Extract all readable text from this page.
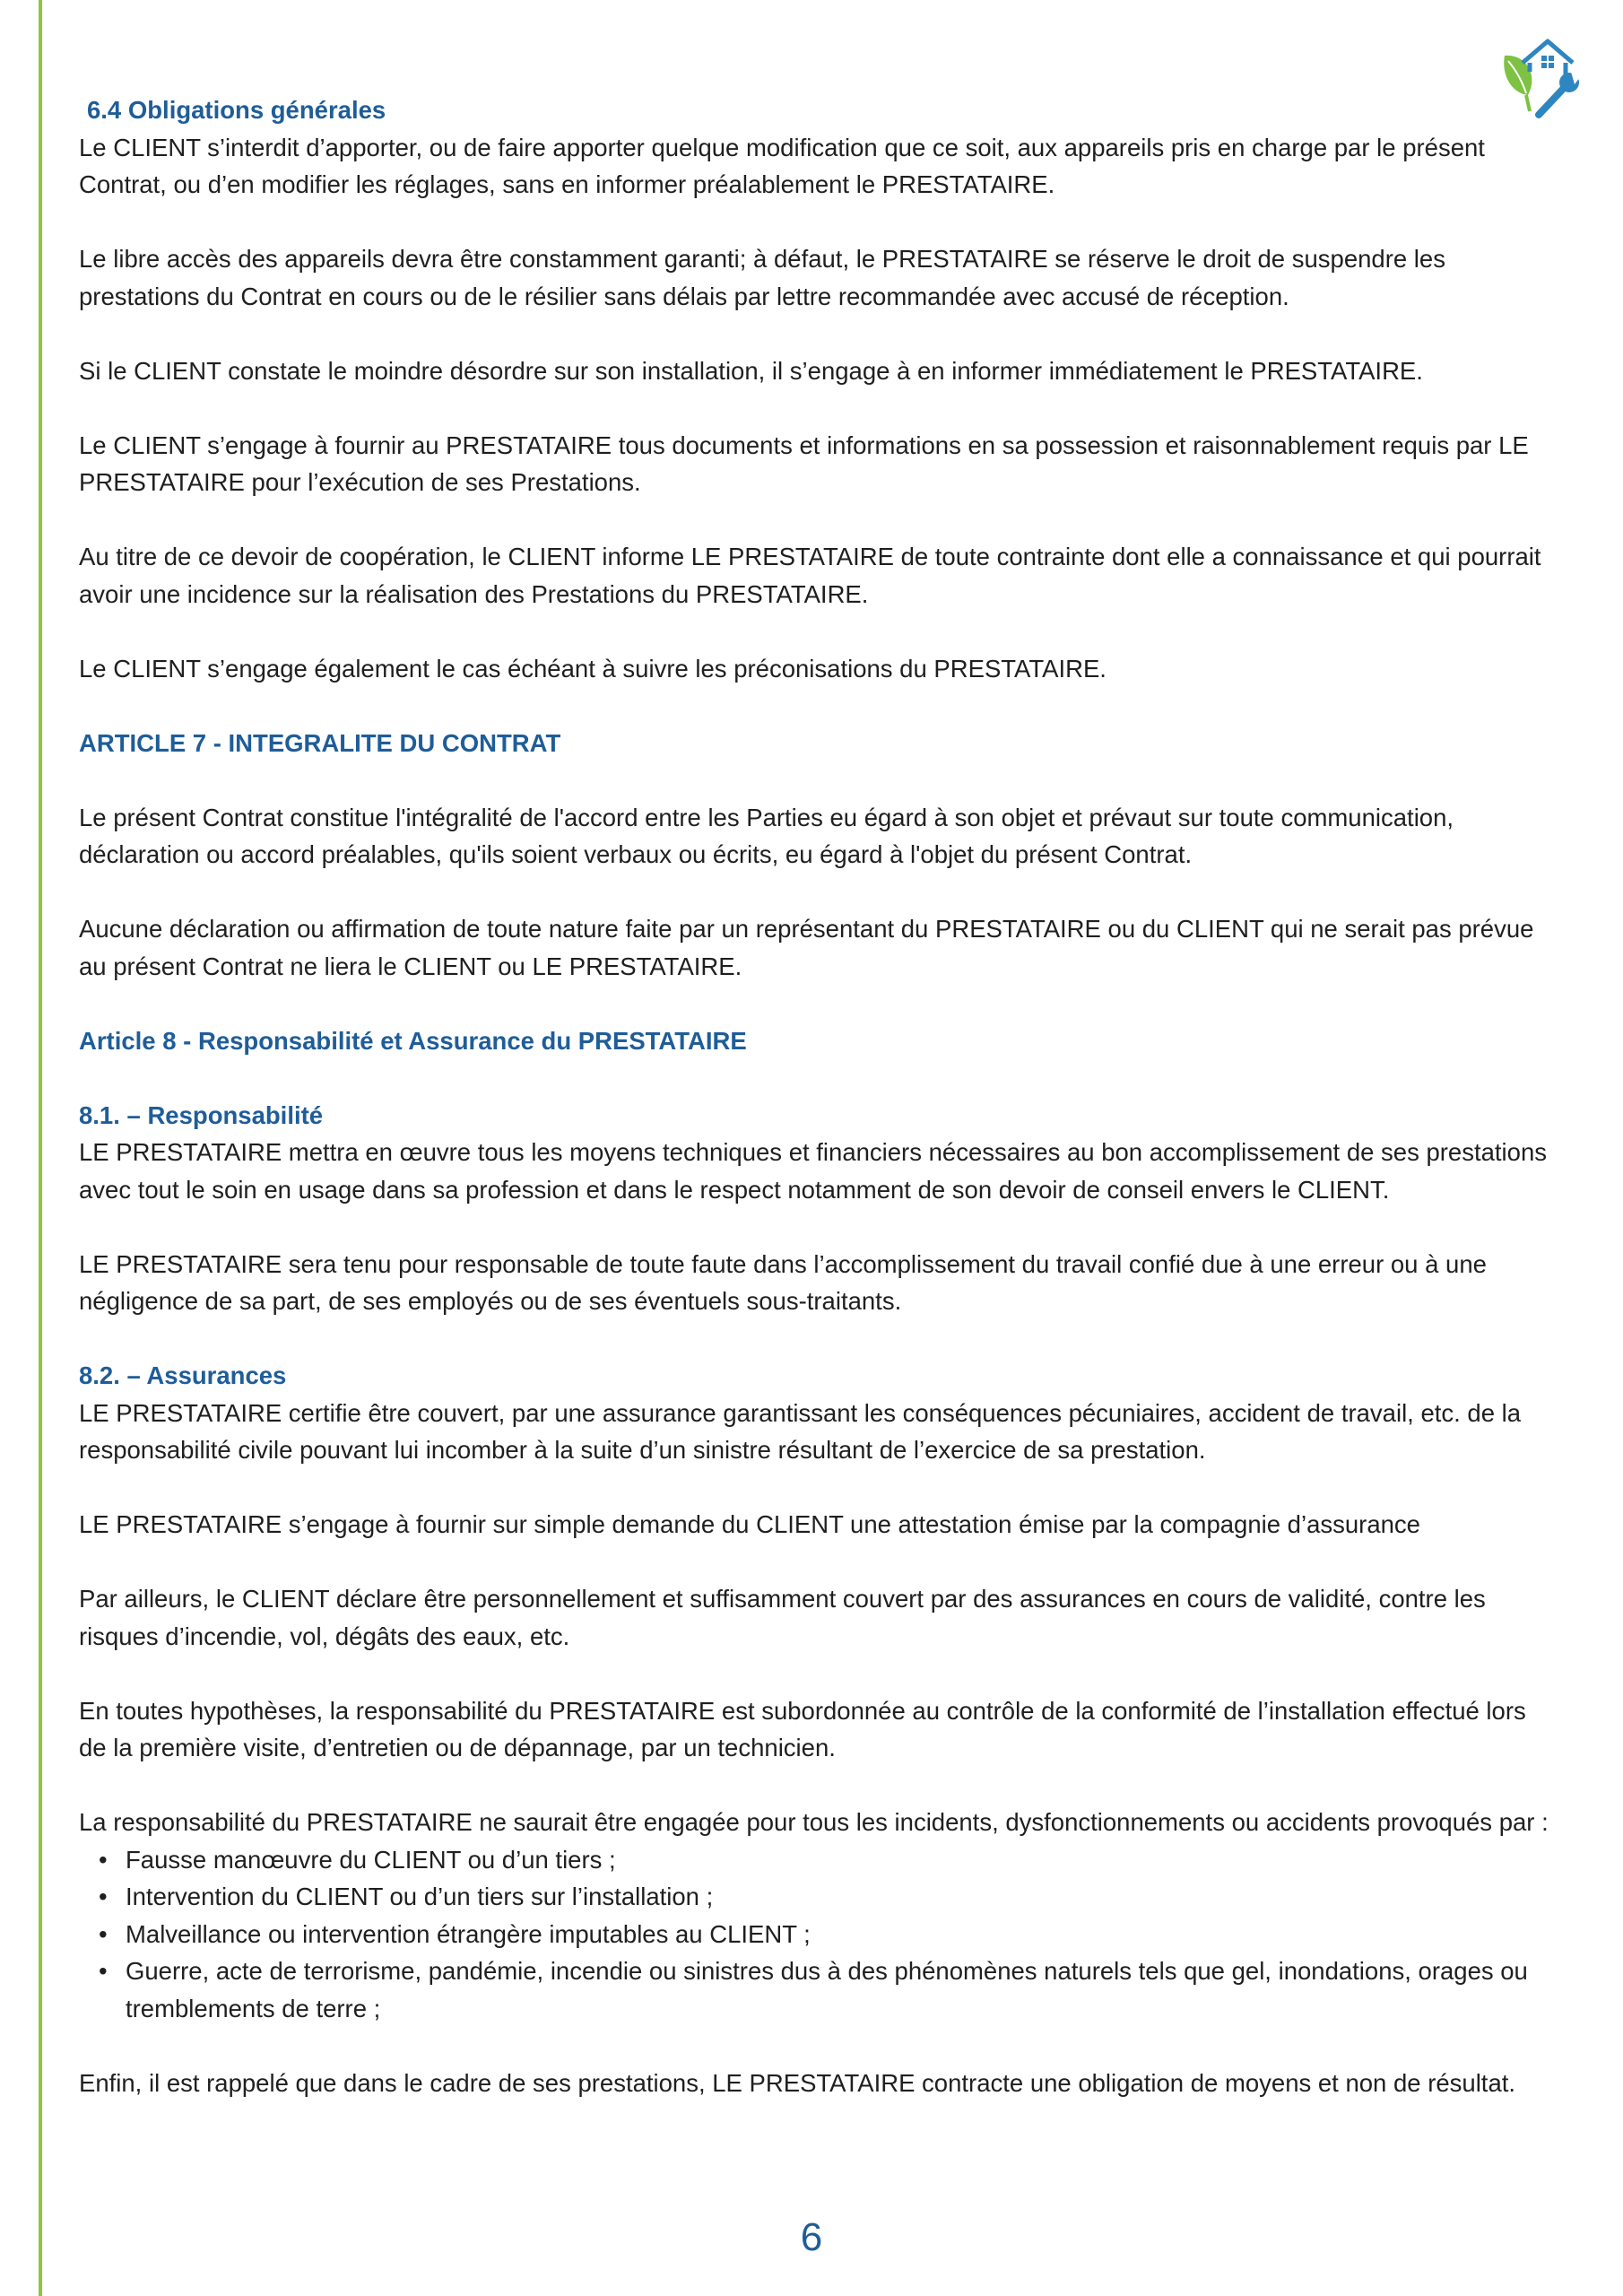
6.4 Obligations générales

Le CLIENT s’interdit d’apporter, ou de faire apporter quelque modification que ce soit, aux appareils pris en charge par le présent Contrat, ou d’en modifier les réglages, sans en informer préalablement le PRESTATAIRE.

Le libre accès des appareils devra être constamment garanti; à défaut, le PRESTATAIRE se réserve le droit de suspendre les prestations du Contrat en cours ou de le résilier sans délais par lettre recommandée avec accusé de réception.

Si le CLIENT constate le moindre désordre sur son installation, il s’engage à en informer immédiatement le PRESTATAIRE.

Le CLIENT s’engage à fournir au PRESTATAIRE tous documents et informations en sa possession et raisonnablement requis par LE PRESTATAIRE pour l’exécution de ses Prestations.

Au titre de ce devoir de coopération, le CLIENT informe LE PRESTATAIRE de toute contrainte dont elle a connaissance et qui pourrait avoir une incidence sur la réalisation des Prestations du PRESTATAIRE.

Le CLIENT s’engage également le cas échéant à suivre les préconisations du PRESTATAIRE.

ARTICLE 7 - INTEGRALITE DU CONTRAT

Le présent Contrat constitue l'intégralité de l'accord entre les Parties eu égard à son objet et prévaut sur toute communication, déclaration ou accord préalables, qu'ils soient verbaux ou écrits, eu égard à l'objet du présent Contrat.

Aucune déclaration ou affirmation de toute nature faite par un représentant du PRESTATAIRE ou du CLIENT qui ne serait pas prévue au présent Contrat ne liera le CLIENT ou LE PRESTATAIRE.

Article 8 - Responsabilité et Assurance du PRESTATAIRE

8.1. – Responsabilité

LE PRESTATAIRE mettra en œuvre tous les moyens techniques et financiers nécessaires au bon accomplissement de ses prestations avec tout le soin en usage dans sa profession et dans le respect notamment de son devoir de conseil envers le CLIENT.

LE PRESTATAIRE sera tenu pour responsable de toute faute dans l’accomplissement du travail confié due à une erreur ou à une négligence de sa part, de ses employés ou de ses éventuels sous-traitants.

8.2. – Assurances

LE PRESTATAIRE certifie être couvert, par une assurance garantissant les conséquences pécuniaires, accident de travail, etc. de la responsabilité civile pouvant lui incomber à la suite d’un sinistre résultant de l’exercice de sa prestation.

LE PRESTATAIRE s’engage à fournir sur simple demande du CLIENT une attestation émise par la compagnie d’assurance

Par ailleurs, le CLIENT déclare être personnellement et suffisamment couvert par des assurances en cours de validité, contre les risques d’incendie, vol, dégâts des eaux, etc.

En toutes hypothèses, la responsabilité du PRESTATAIRE est subordonnée au contrôle de la conformité de l’installation effectué lors de la première visite, d’entretien ou de dépannage, par un technicien.

La responsabilité du PRESTATAIRE ne saurait être engagée pour tous les incidents, dysfonctionnements ou accidents provoqués par :

• Fausse manœuvre du CLIENT ou d’un tiers ;
• Intervention du CLIENT ou d’un tiers sur l’installation ;
• Malveillance ou intervention étrangère imputables au CLIENT ;
• Guerre, acte de terrorisme, pandémie, incendie ou sinistres dus à des phénomènes naturels tels que gel, inondations, orages ou tremblements de terre ;

Enfin, il est rappelé que dans le cadre de ses prestations, LE PRESTATAIRE contracte une obligation de moyens et non de résultat.

6
